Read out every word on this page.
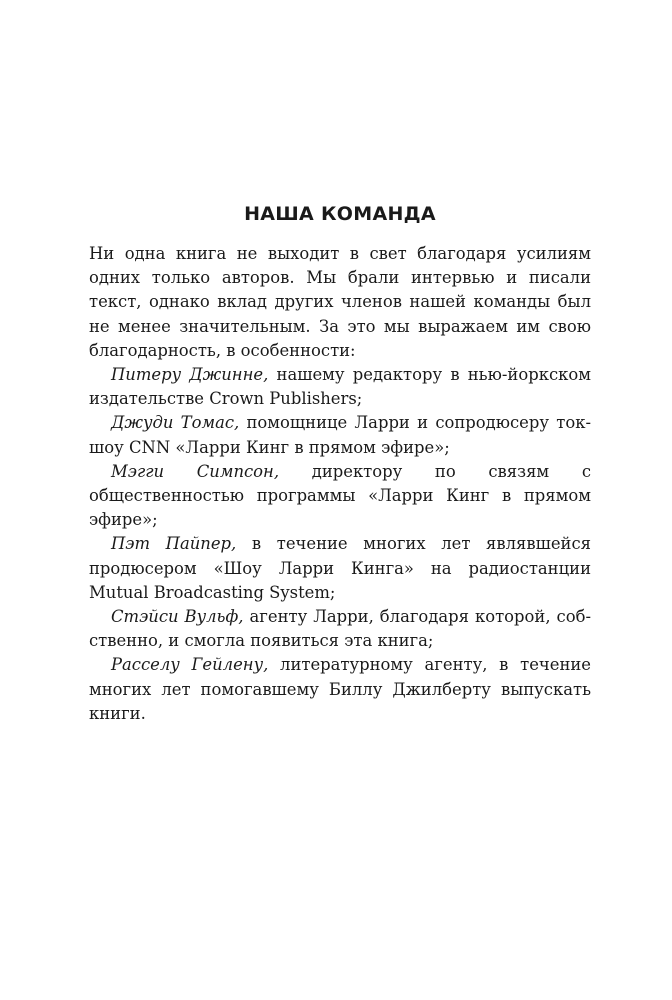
НАША КОМАНДА

Ни одна книга не выходит в свет благодаря усилиям одних только авторов. Мы брали интервью и писали текст, однако вклад других членов нашей команды был не менее значительным. За это мы выражаем им свою благодарность, в особенности:

Питеру Джинне, нашему редактору в нью-йоркском издательстве Crown Publishers;

Джуди Томас, помощнице Ларри и сопродюсеру ток-шоу CNN «Ларри Кинг в прямом эфире»;

Мэгги Симпсон, директору по связям с общественностью программы «Ларри Кинг в прямом эфире»;

Пэт Пайпер, в течение многих лет являвшейся продюсером «Шоу Ларри Кинга» на радиостанции Mutual Broadcasting System;

Стэйси Вульф, агенту Ларри, благодаря которой, собственно, и смогла появиться эта книга;

Расселу Гейлену, литературному агенту, в течение многих лет помогавшему Биллу Джилберту выпускать книги.
